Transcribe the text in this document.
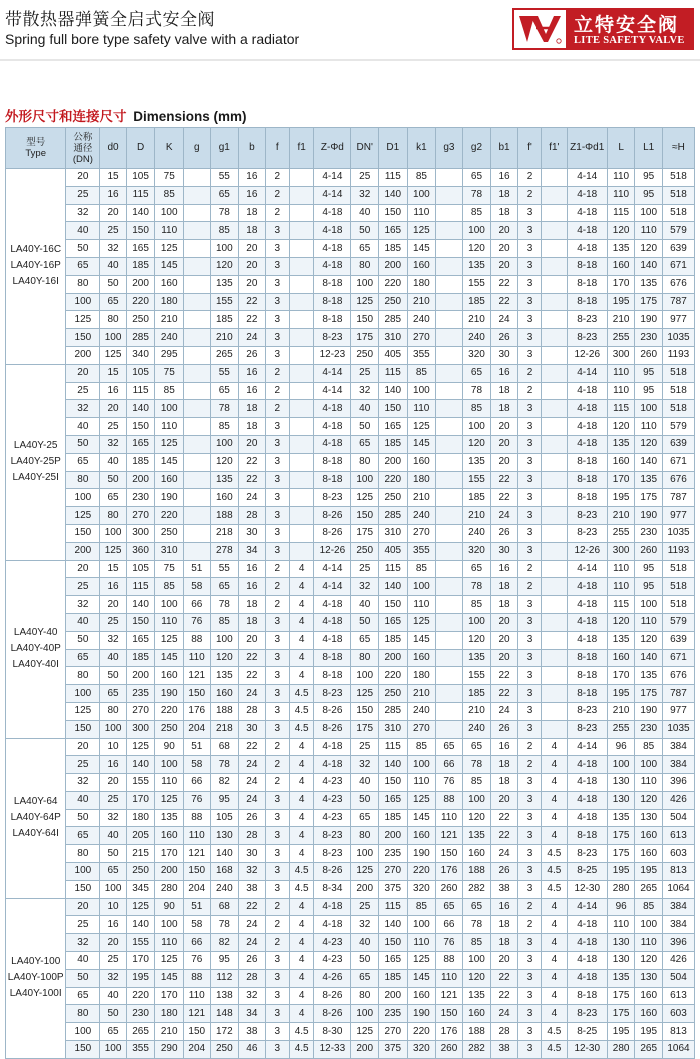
带散热器弹簧全启式安全阀
Spring full bore type safety valve with a radiator
立特安全阀
LITE SAFETY VALVE
外形尺寸和连接尺寸 Dimensions (mm)
型号
Type	公称
通径
(DN)	d0	D	K	g	g1	b	f	f1	Z-Φd	DN'	D1	k1	g3	g2	b1	f'	f1'	Z1-Φd1	L	L1	≈H

LA40Y-16C
LA40Y-16P
LA40Y-16I	20	15	105	75		55	16	2		4-14	25	115	85		65	16	2		4-14	110	95	518
	25	16	115	85		65	16	2		4-14	32	140	100		78	18	2		4-18	110	95	518
	32	20	140	100		78	18	2		4-18	40	150	110		85	18	3		4-18	115	100	518
	40	25	150	110		85	18	3		4-18	50	165	125		100	20	3		4-18	120	110	579
	50	32	165	125		100	20	3		4-18	65	185	145		120	20	3		4-18	135	120	639
	65	40	185	145		120	20	3		4-18	80	200	160		135	20	3		8-18	160	140	671
	80	50	200	160		135	20	3		8-18	100	220	180		155	22	3		8-18	170	135	676
	100	65	220	180		155	22	3		8-18	125	250	210		185	22	3		8-18	195	175	787
	125	80	250	210		185	22	3		8-18	150	285	240		210	24	3		8-23	210	190	977
	150	100	285	240		210	24	3		8-23	175	310	270		240	26	3		8-23	255	230	1035
	200	125	340	295		265	26	3		12-23	250	405	355		320	30	3		12-26	300	260	1193

LA40Y-25
LA40Y-25P
LA40Y-25I	20	15	105	75		55	16	2		4-14	25	115	85		65	16	2		4-14	110	95	518
	25	16	115	85		65	16	2		4-14	32	140	100		78	18	2		4-18	110	95	518
	32	20	140	100		78	18	2		4-18	40	150	110		85	18	3		4-18	115	100	518
	40	25	150	110		85	18	3		4-18	50	165	125		100	20	3		4-18	120	110	579
	50	32	165	125		100	20	3		4-18	65	185	145		120	20	3		4-18	135	120	639
	65	40	185	145		120	22	3		8-18	80	200	160		135	20	3		8-18	160	140	671
	80	50	200	160		135	22	3		8-18	100	220	180		155	22	3		8-18	170	135	676
	100	65	230	190		160	24	3		8-23	125	250	210		185	22	3		8-18	195	175	787
	125	80	270	220		188	28	3		8-26	150	285	240		210	24	3		8-23	210	190	977
	150	100	300	250		218	30	3		8-26	175	310	270		240	26	3		8-23	255	230	1035
	200	125	360	310		278	34	3		12-26	250	405	355		320	30	3		12-26	300	260	1193

LA40Y-40
LA40Y-40P
LA40Y-40I	20	15	105	75	51	55	16	2	4	4-14	25	115	85		65	16	2		4-14	110	95	518
	25	16	115	85	58	65	16	2	4	4-14	32	140	100		78	18	2		4-18	110	95	518
	32	20	140	100	66	78	18	2	4	4-18	40	150	110		85	18	3		4-18	115	100	518
	40	25	150	110	76	85	18	3	4	4-18	50	165	125		100	20	3		4-18	120	110	579
	50	32	165	125	88	100	20	3	4	4-18	65	185	145		120	20	3		4-18	135	120	639
	65	40	185	145	110	120	22	3	4	8-18	80	200	160		135	20	3		8-18	160	140	671
	80	50	200	160	121	135	22	3	4	8-18	100	220	180		155	22	3		8-18	170	135	676
	100	65	235	190	150	160	24	3	4.5	8-23	125	250	210		185	22	3		8-18	195	175	787
	125	80	270	220	176	188	28	3	4.5	8-26	150	285	240		210	24	3		8-23	210	190	977
	150	100	300	250	204	218	30	3	4.5	8-26	175	310	270		240	26	3		8-23	255	230	1035

LA40Y-64
LA40Y-64P
LA40Y-64I	20	10	125	90	51	68	22	2	4	4-18	25	115	85	65	65	16	2	4	4-14	96	85	384
	25	16	140	100	58	78	24	2	4	4-18	32	140	100	66	78	18	2	4	4-18	100	100	384
	32	20	155	110	66	82	24	2	4	4-23	40	150	110	76	85	18	3	4	4-18	130	110	396
	40	25	170	125	76	95	24	3	4	4-23	50	165	125	88	100	20	3	4	4-18	130	120	426
	50	32	180	135	88	105	26	3	4	4-23	65	185	145	110	120	22	3	4	4-18	135	130	504
	65	40	205	160	110	130	28	3	4	8-23	80	200	160	121	135	22	3	4	8-18	175	160	613
	80	50	215	170	121	140	30	3	4	8-23	100	235	190	150	160	24	3	4.5	8-23	175	160	603
	100	65	250	200	150	168	32	3	4.5	8-26	125	270	220	176	188	26	3	4.5	8-25	195	195	813
	150	100	345	280	204	240	38	3	4.5	8-34	200	375	320	260	282	38	3	4.5	12-30	280	265	1064

LA40Y-100
LA40Y-100P
LA40Y-100I	20	10	125	90	51	68	22	2	4	4-18	25	115	85	65	65	16	2	4	4-14	96	85	384
	25	16	140	100	58	78	24	2	4	4-18	32	140	100	66	78	18	2	4	4-18	110	100	384
	32	20	155	110	66	82	24	2	4	4-23	40	150	110	76	85	18	3	4	4-18	130	110	396
	40	25	170	125	76	95	26	3	4	4-23	50	165	125	88	100	20	3	4	4-18	130	120	426
	50	32	195	145	88	112	28	3	4	4-26	65	185	145	110	120	22	3	4	4-18	135	130	504
	65	40	220	170	110	138	32	3	4	8-26	80	200	160	121	135	22	3	4	8-18	175	160	613
	80	50	230	180	121	148	34	3	4	8-26	100	235	190	150	160	24	3	4	8-23	175	160	603
	100	65	265	210	150	172	38	3	4.5	8-30	125	270	220	176	188	28	3	4.5	8-25	195	195	813
	150	100	355	290	204	250	46	3	4.5	12-33	200	375	320	260	282	38	3	4.5	12-30	280	265	1064
